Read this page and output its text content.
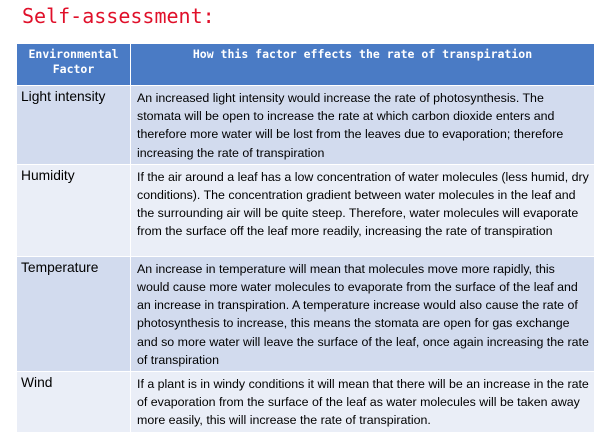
Self-assessment:
Environmental Factor	How this factor effects the rate of transpiration
Light intensity	An increased light intensity would increase the rate of photosynthesis. The stomata will be open to increase the rate at which carbon dioxide enters and therefore more water will be lost from the leaves due to evaporation; therefore increasing the rate of transpiration
Humidity	If the air around a leaf has a low concentration of water molecules (less humid, dry conditions). The concentration gradient between water molecules in the leaf and the surrounding air will be quite steep. Therefore, water molecules will evaporate from the surface off the leaf more readily, increasing the rate of transpiration
Temperature	An increase in temperature will mean that molecules move more rapidly, this would cause more water molecules to evaporate from the surface of the leaf and an increase in transpiration. A temperature increase would also cause the rate of photosynthesis to increase, this means the stomata are open for gas exchange and so more water will leave the surface of the leaf, once again increasing the rate of transpiration
Wind	If a plant is in windy conditions it will mean that there will be an increase in the rate of evaporation from the surface of the leaf as water molecules will be taken away more easily, this will increase the rate of transpiration.
